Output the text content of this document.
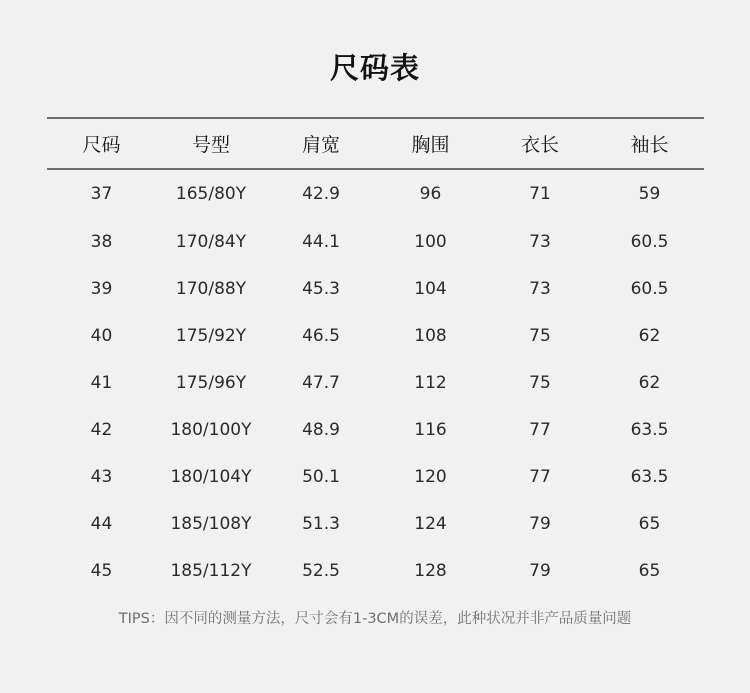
尺码表
尺码	号型	肩宽	胸围	衣长	袖长
37	165/80Y	42.9	96	71	59
38	170/84Y	44.1	100	73	60.5
39	170/88Y	45.3	104	73	60.5
40	175/92Y	46.5	108	75	62
41	175/96Y	47.7	112	75	62
42	180/100Y	48.9	116	77	63.5
43	180/104Y	50.1	120	77	63.5
44	185/108Y	51.3	124	79	65
45	185/112Y	52.5	128	79	65
TIPS：因不同的测量方法，尺寸会有1-3CM的误差，此种状况并非产品质量问题
